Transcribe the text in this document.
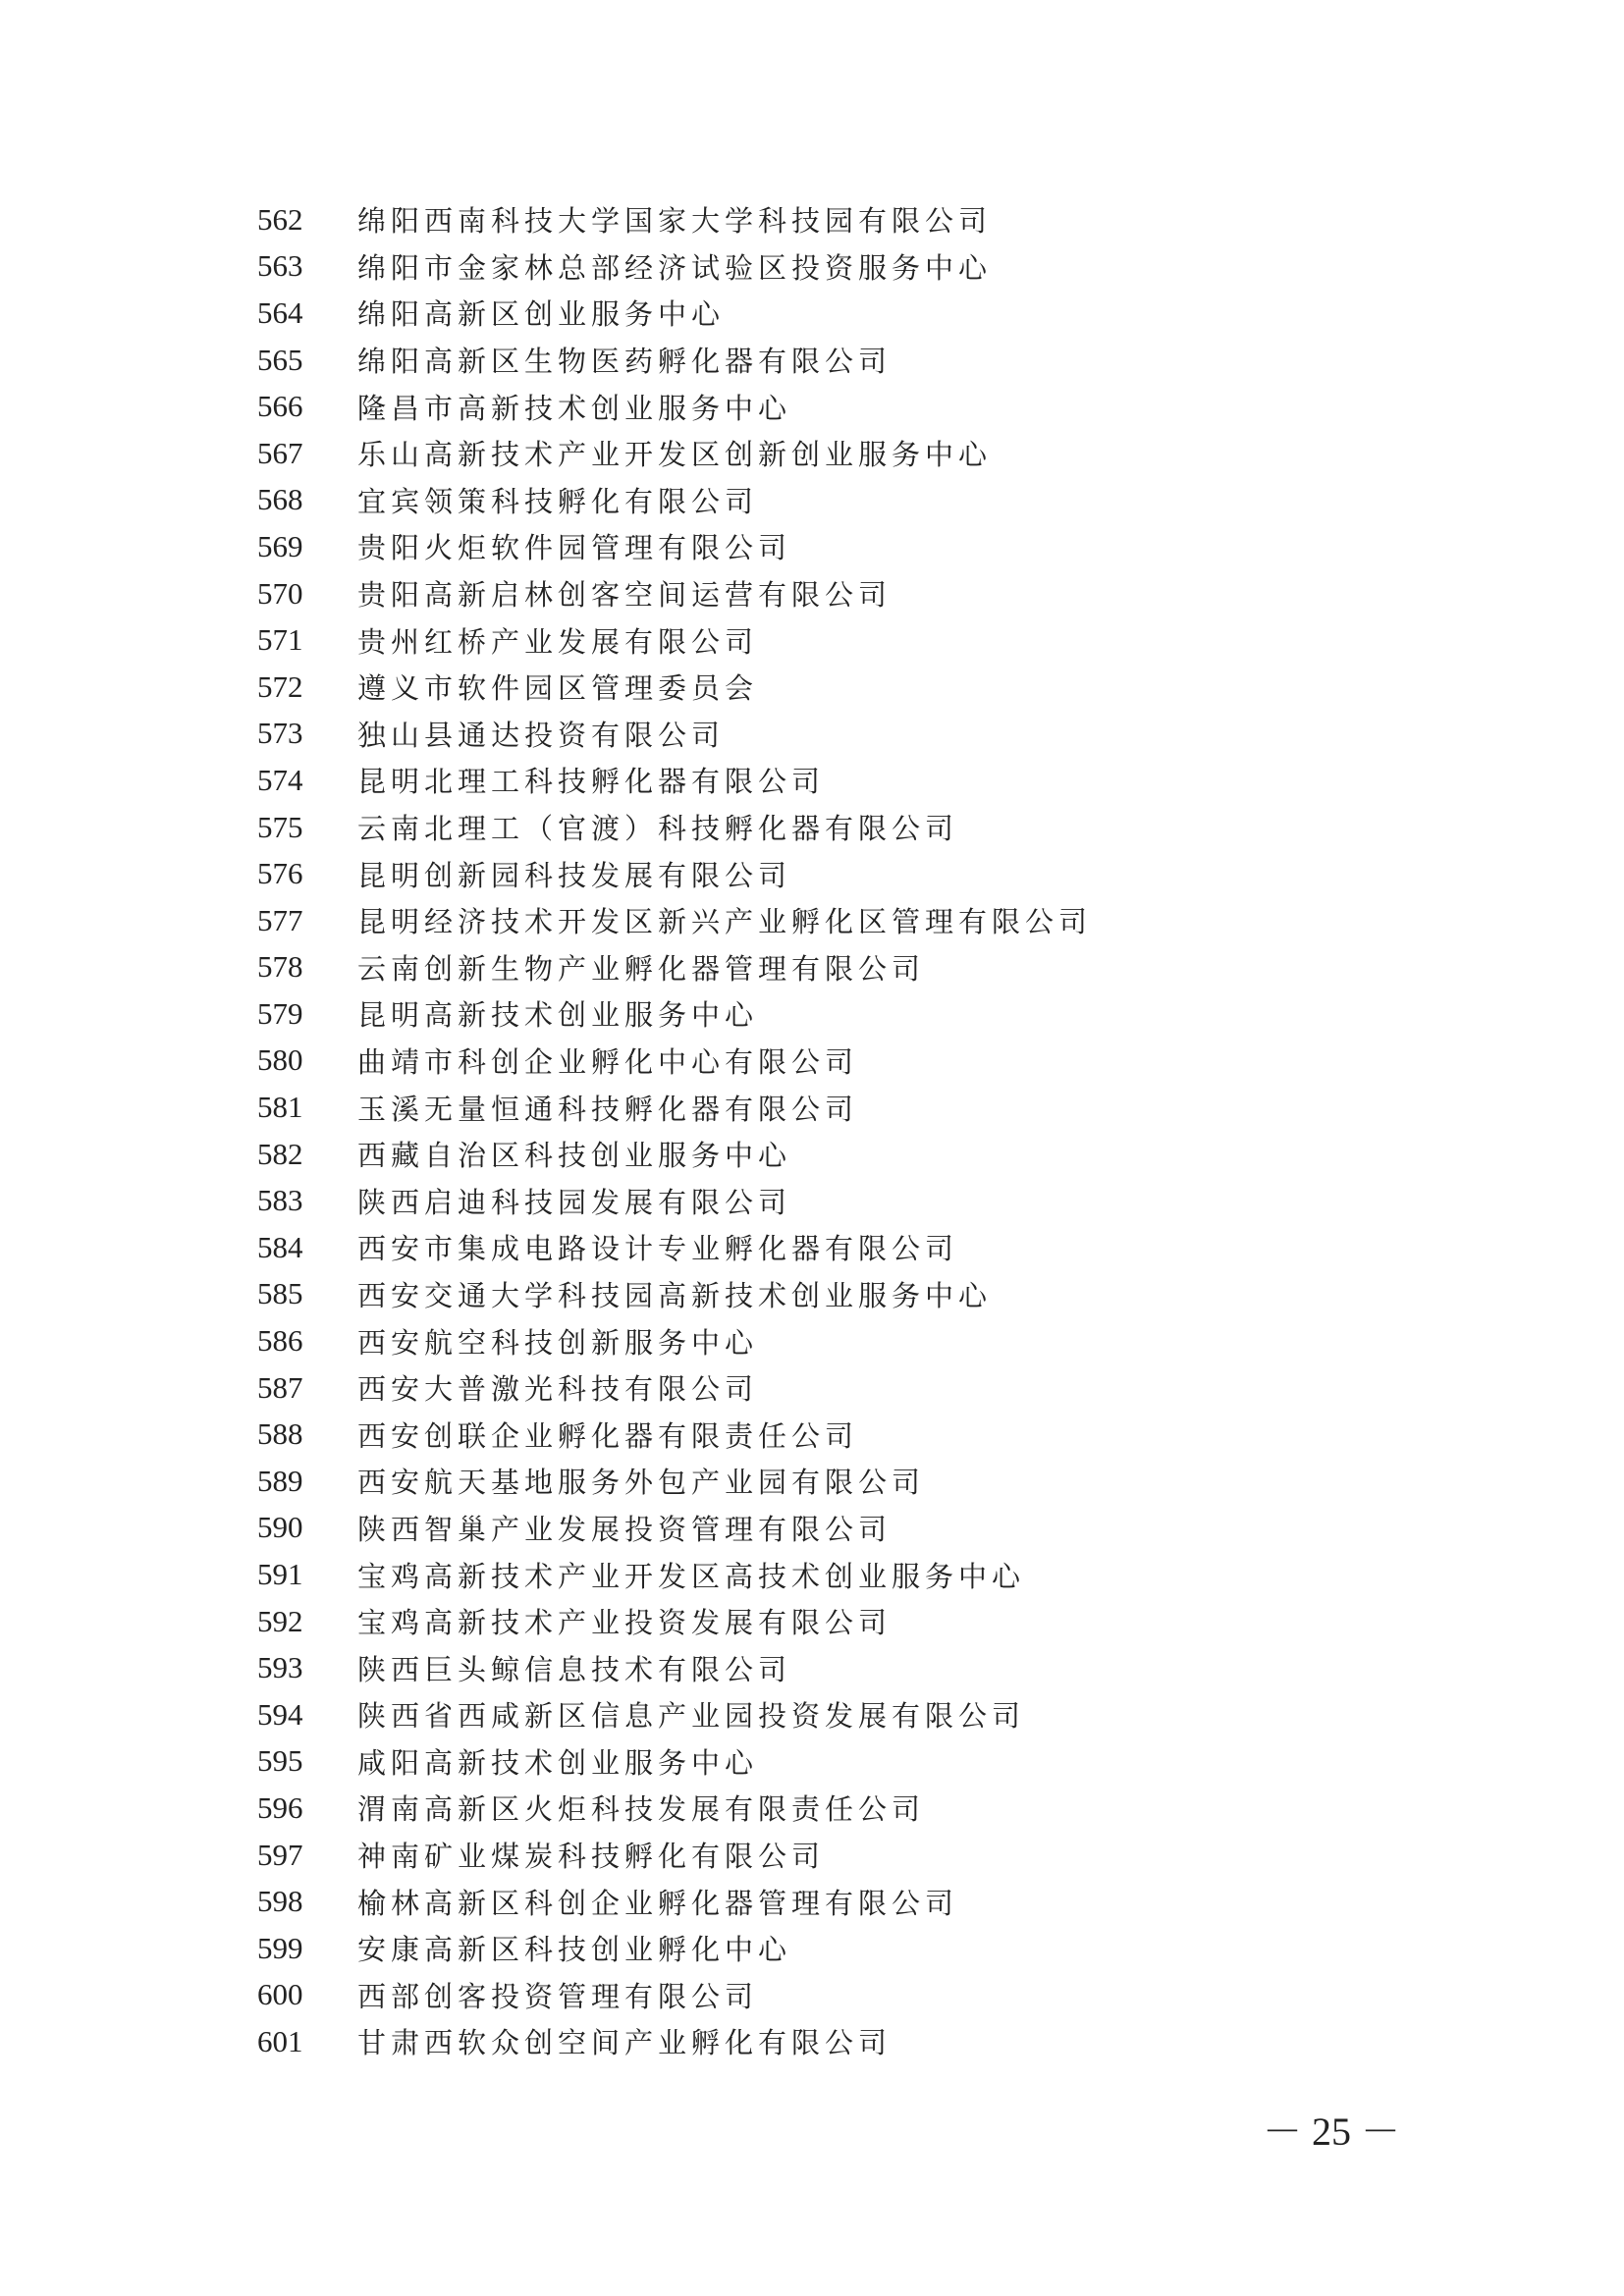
562	绵阳西南科技大学国家大学科技园有限公司
563	绵阳市金家林总部经济试验区投资服务中心
564	绵阳高新区创业服务中心
565	绵阳高新区生物医药孵化器有限公司
566	隆昌市高新技术创业服务中心
567	乐山高新技术产业开发区创新创业服务中心
568	宜宾领策科技孵化有限公司
569	贵阳火炬软件园管理有限公司
570	贵阳高新启林创客空间运营有限公司
571	贵州红桥产业发展有限公司
572	遵义市软件园区管理委员会
573	独山县通达投资有限公司
574	昆明北理工科技孵化器有限公司
575	云南北理工（官渡）科技孵化器有限公司
576	昆明创新园科技发展有限公司
577	昆明经济技术开发区新兴产业孵化区管理有限公司
578	云南创新生物产业孵化器管理有限公司
579	昆明高新技术创业服务中心
580	曲靖市科创企业孵化中心有限公司
581	玉溪无量恒通科技孵化器有限公司
582	西藏自治区科技创业服务中心
583	陕西启迪科技园发展有限公司
584	西安市集成电路设计专业孵化器有限公司
585	西安交通大学科技园高新技术创业服务中心
586	西安航空科技创新服务中心
587	西安大普激光科技有限公司
588	西安创联企业孵化器有限责任公司
589	西安航天基地服务外包产业园有限公司
590	陕西智巢产业发展投资管理有限公司
591	宝鸡高新技术产业开发区高技术创业服务中心
592	宝鸡高新技术产业投资发展有限公司
593	陕西巨头鲸信息技术有限公司
594	陕西省西咸新区信息产业园投资发展有限公司
595	咸阳高新技术创业服务中心
596	渭南高新区火炬科技发展有限责任公司
597	神南矿业煤炭科技孵化有限公司
598	榆林高新区科创企业孵化器管理有限公司
599	安康高新区科技创业孵化中心
600	西部创客投资管理有限公司
601	甘肃西软众创空间产业孵化有限公司
－ 25 －
